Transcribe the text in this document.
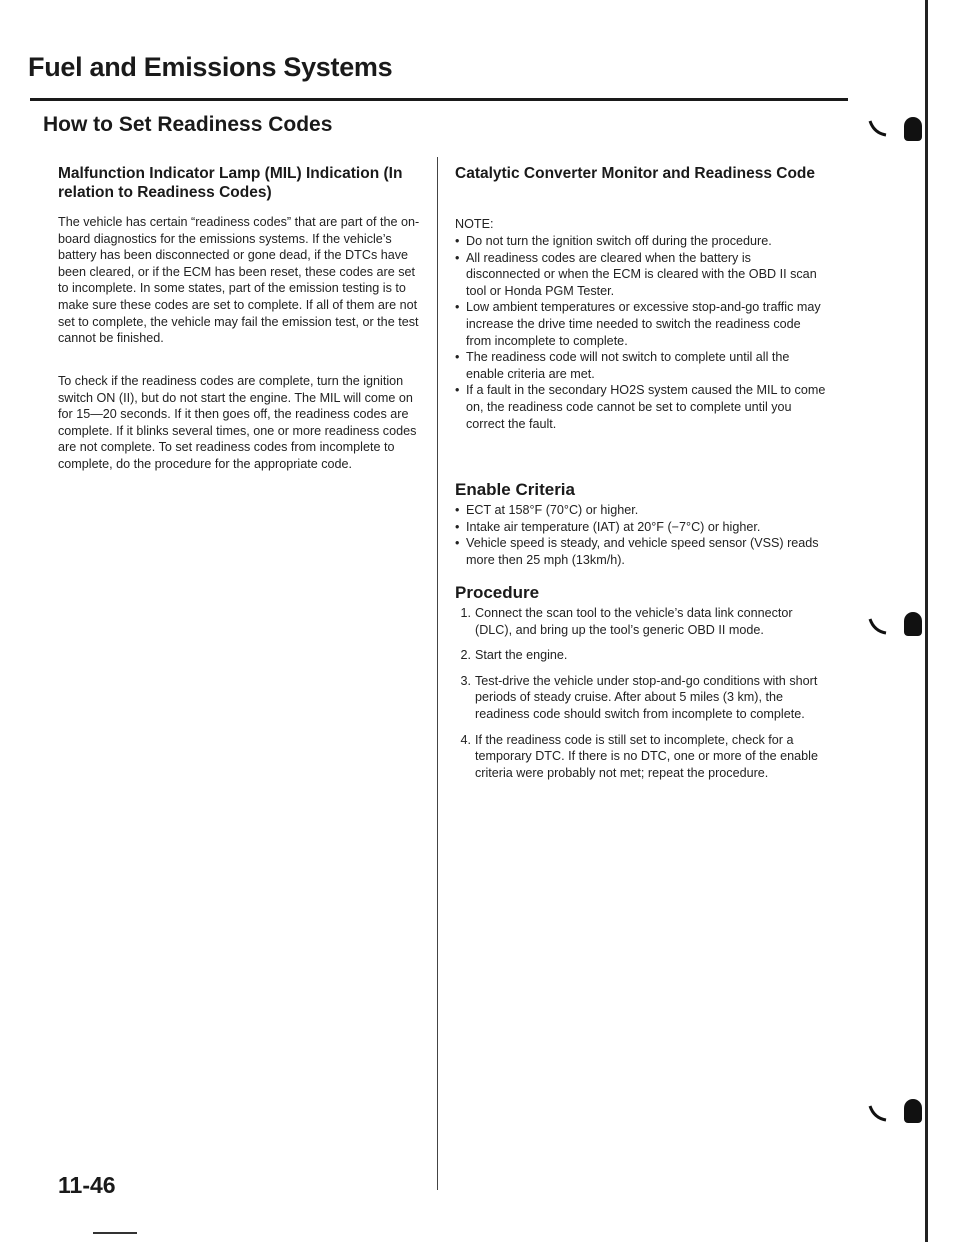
Fuel and Emissions Systems
How to Set Readiness Codes
Malfunction Indicator Lamp (MIL) Indication (In relation to Readiness Codes)
The vehicle has certain “readiness codes” that are part of the on-board diagnostics for the emissions systems. If the vehicle’s battery has been disconnected or gone dead, if the DTCs have been cleared, or if the ECM has been reset, these codes are set to incomplete. In some states, part of the emission testing is to make sure these codes are set to complete. If all of them are not set to complete, the vehicle may fail the emission test, or the test cannot be finished.
To check if the readiness codes are complete, turn the ignition switch ON (II), but do not start the engine. The MIL will come on for 15—20 seconds. If it then goes off, the readiness codes are complete. If it blinks several times, one or more readiness codes are not complete. To set readiness codes from incomplete to complete, do the procedure for the appropriate code.
Catalytic Converter Monitor and Readiness Code
NOTE:
• Do not turn the ignition switch off during the procedure.
• All readiness codes are cleared when the battery is disconnected or when the ECM is cleared with the OBD II scan tool or Honda PGM Tester.
• Low ambient temperatures or excessive stop-and-go traffic may increase the drive time needed to switch the readiness code from incomplete to complete.
• The readiness code will not switch to complete until all the enable criteria are met.
• If a fault in the secondary HO2S system caused the MIL to come on, the readiness code cannot be set to complete until you correct the fault.
Enable Criteria
• ECT at 158°F (70°C) or higher.
• Intake air temperature (IAT) at 20°F (−7°C) or higher.
• Vehicle speed is steady, and vehicle speed sensor (VSS) reads more then 25 mph (13km/h).
Procedure
1. Connect the scan tool to the vehicle’s data link connector (DLC), and bring up the tool’s generic OBD II mode.
2. Start the engine.
3. Test-drive the vehicle under stop-and-go conditions with short periods of steady cruise. After about 5 miles (3 km), the readiness code should switch from incomplete to complete.
4. If the readiness code is still set to incomplete, check for a temporary DTC. If there is no DTC, one or more of the enable criteria were probably not met; repeat the procedure.
11-46
